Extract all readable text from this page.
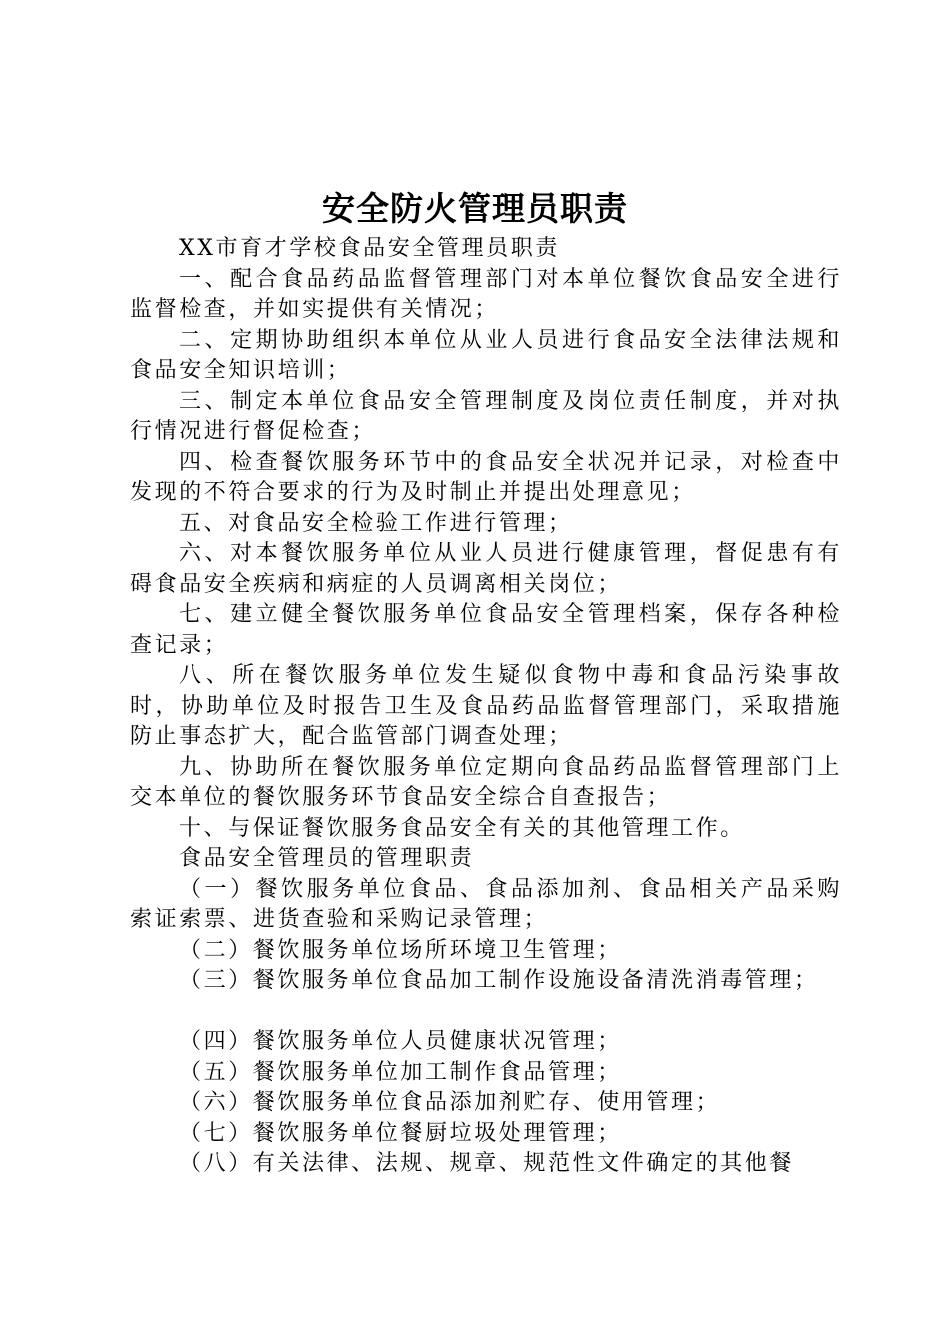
安全防火管理员职责

XX市育才学校食品安全管理员职责

一、配合食品药品监督管理部门对本单位餐饮食品安全进行监督检查，并如实提供有关情况；

二、定期协助组织本单位从业人员进行食品安全法律法规和食品安全知识培训；

三、制定本单位食品安全管理制度及岗位责任制度，并对执行情况进行督促检查；

四、检查餐饮服务环节中的食品安全状况并记录，对检查中发现的不符合要求的行为及时制止并提出处理意见；

五、对食品安全检验工作进行管理；

六、对本餐饮服务单位从业人员进行健康管理，督促患有有碍食品安全疾病和病症的人员调离相关岗位；

七、建立健全餐饮服务单位食品安全管理档案，保存各种检查记录；

八、所在餐饮服务单位发生疑似食物中毒和食品污染事故时，协助单位及时报告卫生及食品药品监督管理部门，采取措施防止事态扩大，配合监管部门调查处理；

九、协助所在餐饮服务单位定期向食品药品监督管理部门上交本单位的餐饮服务环节食品安全综合自查报告；

十、与保证餐饮服务食品安全有关的其他管理工作。

食品安全管理员的管理职责

（一）餐饮服务单位食品、食品添加剂、食品相关产品采购索证索票、进货查验和采购记录管理；

（二）餐饮服务单位场所环境卫生管理；

（三）餐饮服务单位食品加工制作设施设备清洗消毒管理；

（四）餐饮服务单位人员健康状况管理；

（五）餐饮服务单位加工制作食品管理；

（六）餐饮服务单位食品添加剂贮存、使用管理；

（七）餐饮服务单位餐厨垃圾处理管理；

（八）有关法律、法规、规章、规范性文件确定的其他餐
